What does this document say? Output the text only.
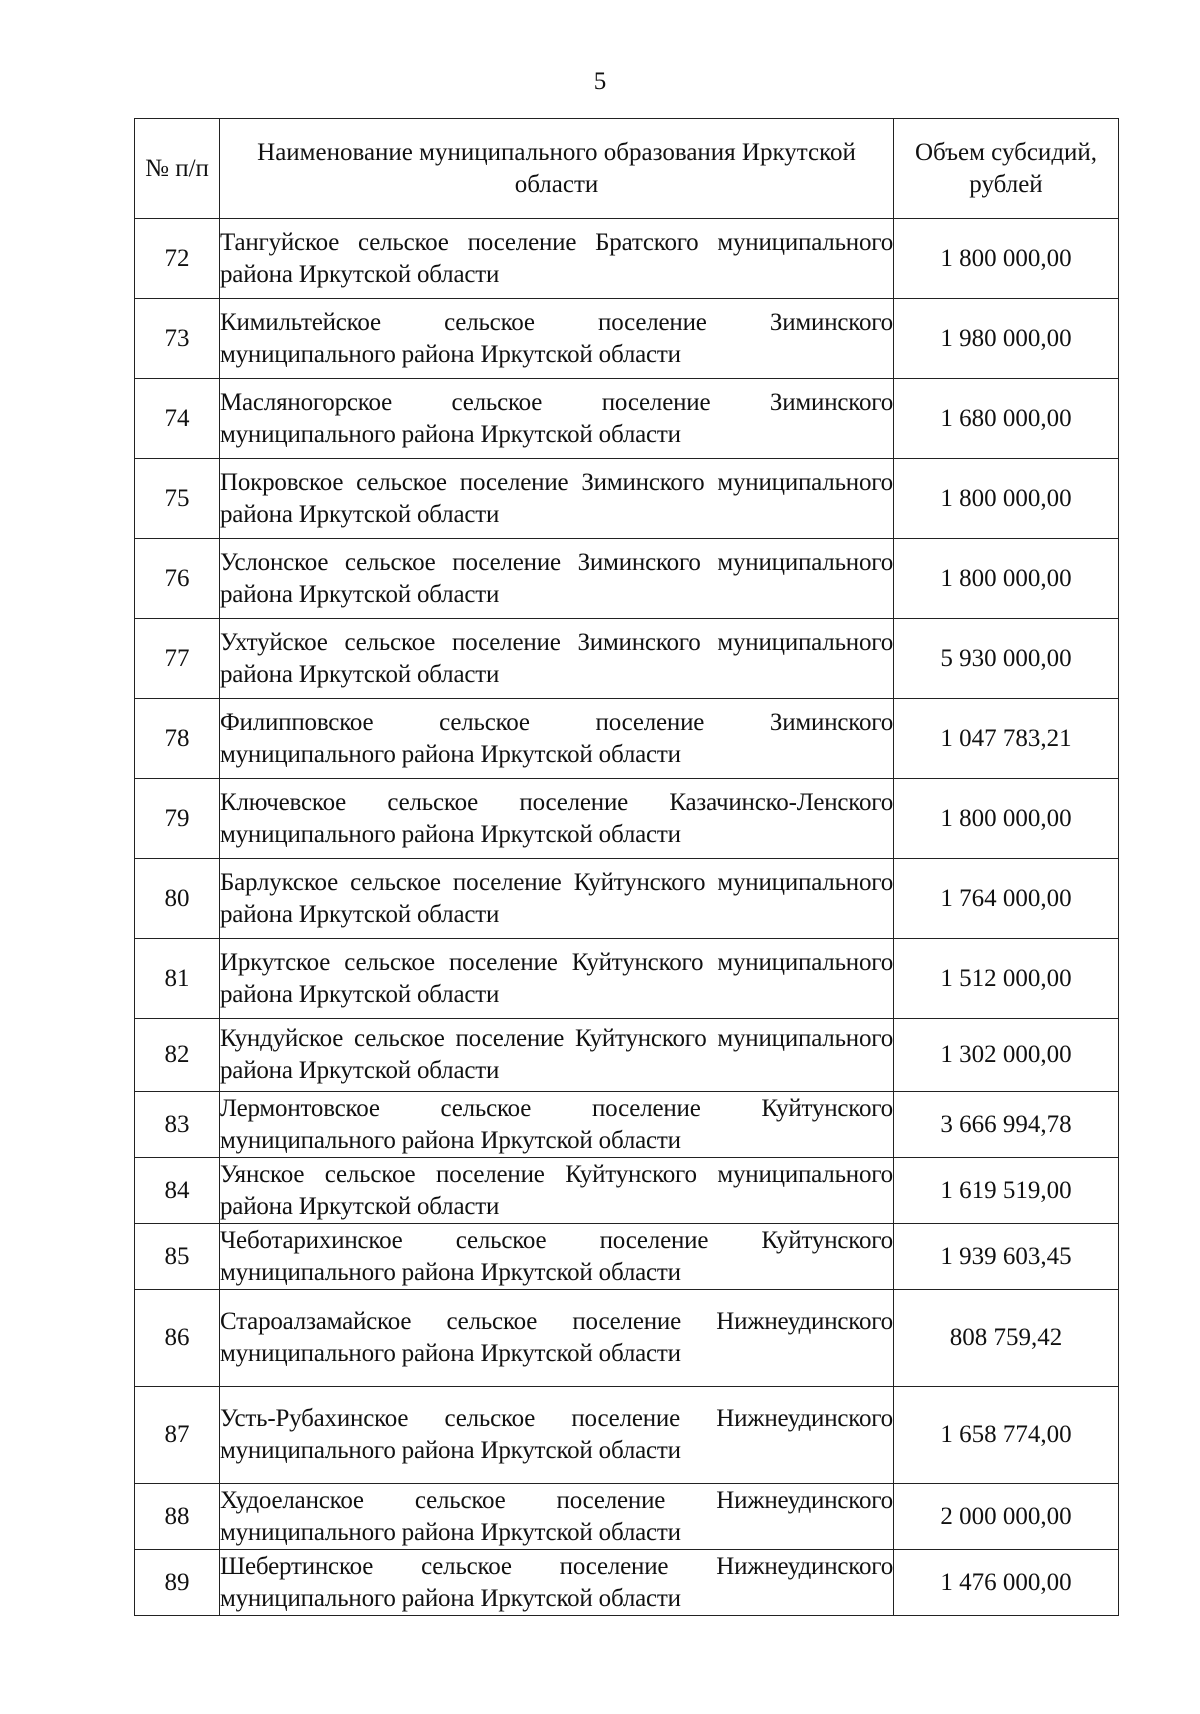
5
№ п/п	Наименование муниципального образования Иркутской области	Объем субсидий, рублей
72	Тангуйское сельское поселение Братского муниципального района Иркутской области	1 800 000,00
73	Кимильтейское сельское поселение Зиминского муниципального района Иркутской области	1 980 000,00
74	Масляногорское сельское поселение Зиминского муниципального района Иркутской области	1 680 000,00
75	Покровское сельское поселение Зиминского муниципального района Иркутской области	1 800 000,00
76	Услонское сельское поселение Зиминского муниципального района Иркутской области	1 800 000,00
77	Ухтуйское сельское поселение Зиминского муниципального района Иркутской области	5 930 000,00
78	Филипповское сельское поселение Зиминского муниципального района Иркутской области	1 047 783,21
79	Ключевское сельское поселение Казачинско-Ленского муниципального района Иркутской области	1 800 000,00
80	Барлукское сельское поселение Куйтунского муниципального района Иркутской области	1 764 000,00
81	Иркутское сельское поселение Куйтунского муниципального района Иркутской области	1 512 000,00
82	Кундуйское сельское поселение Куйтунского муниципального района Иркутской области	1 302 000,00
83	Лермонтовское сельское поселение Куйтунского муниципального района Иркутской области	3 666 994,78
84	Уянское сельское поселение Куйтунского муниципального района Иркутской области	1 619 519,00
85	Чеботарихинское сельское поселение Куйтунского муниципального района Иркутской области	1 939 603,45
86	Староалзамайское сельское поселение Нижнеудинского муниципального района Иркутской области	808 759,42
87	Усть-Рубахинское сельское поселение Нижнеудинского муниципального района Иркутской области	1 658 774,00
88	Худоеланское сельское поселение Нижнеудинского муниципального района Иркутской области	2 000 000,00
89	Шебертинское сельское поселение Нижнеудинского муниципального района Иркутской области	1 476 000,00
